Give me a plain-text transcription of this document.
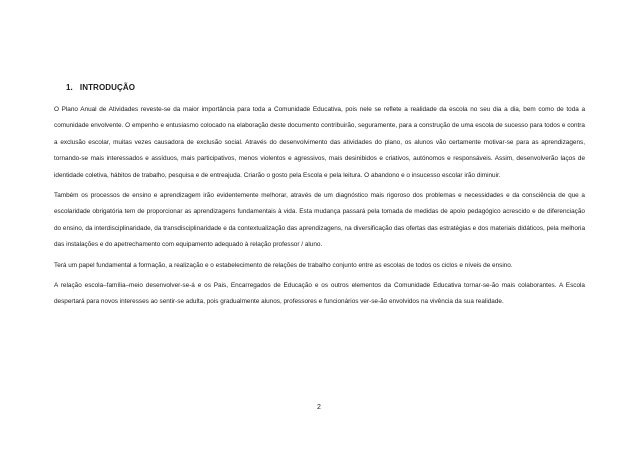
1. INTRODUÇÃO

O Plano Anual de Atividades reveste-se da maior importância para toda a Comunidade Educativa, pois nele se reflete a realidade da escola no seu dia a dia, bem como de toda a comunidade envolvente. O empenho e entusiasmo colocado na elaboração deste documento contribuirão, seguramente, para a construção de uma escola de sucesso para todos e contra a exclusão escolar, muitas vezes causadora de exclusão social. Através do desenvolvimento das atividades do plano, os alunos vão certamente motivar-se para as aprendizagens, tornando-se mais interessados e assíduos, mais participativos, menos violentos e agressivos, mais desinibidos e criativos, autónomos e responsáveis. Assim, desenvolverão laços de identidade coletiva, hábitos de trabalho, pesquisa e de entreajuda. Criarão o gosto pela Escola e pela leitura. O abandono e o insucesso escolar irão diminuir.

Também os processos de ensino e aprendizagem irão evidentemente melhorar, através de um diagnóstico mais rigoroso dos problemas e necessidades e da consciência de que a escolaridade obrigatória tem de proporcionar as aprendizagens fundamentais à vida. Esta mudança passará pela tomada de medidas de apoio pedagógico acrescido e de diferenciação do ensino, da interdisciplinaridade, da transdisciplinaridade e da contextualização das aprendizagens, na diversificação das ofertas das estratégias e dos materiais didáticos, pela melhoria das instalações e do apetrechamento com equipamento adequado à relação professor / aluno.

Terá um papel fundamental a formação, a realização e o estabelecimento de relações de trabalho conjunto entre as escolas de todos os ciclos e níveis de ensino.

A relação escola–família–meio desenvolver-se-á e os Pais, Encarregados de Educação e os outros elementos da Comunidade Educativa tornar-se-ão mais colaborantes. A Escola despertará para novos interesses ao sentir-se adulta, pois gradualmente alunos, professores e funcionários ver-se-ão envolvidos na vivência da sua realidade.

2
